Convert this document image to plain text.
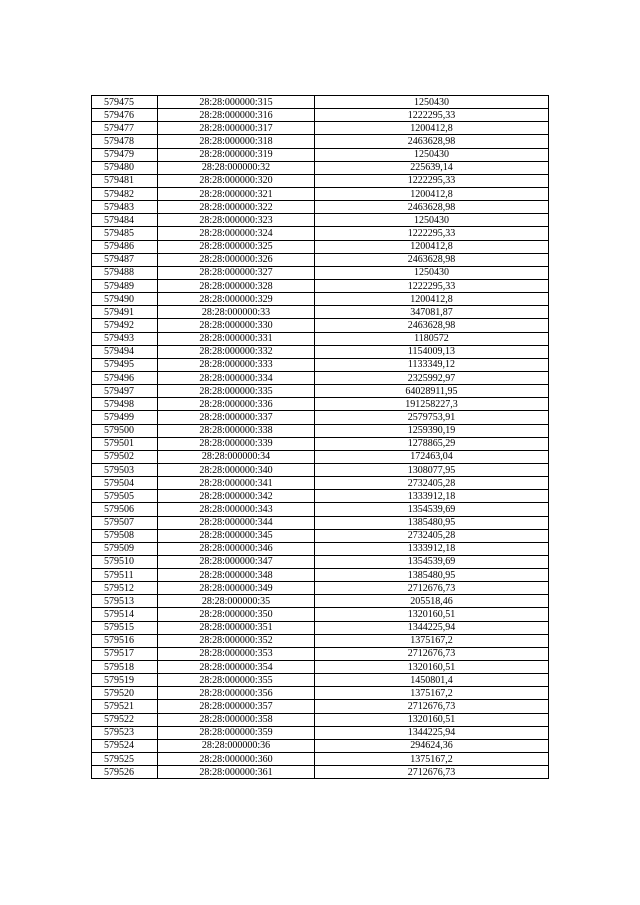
579475	28:28:000000:315	1250430
579476	28:28:000000:316	1222295,33
579477	28:28:000000:317	1200412,8
579478	28:28:000000:318	2463628,98
579479	28:28:000000:319	1250430
579480	28:28:000000:32	225639,14
579481	28:28:000000:320	1222295,33
579482	28:28:000000:321	1200412,8
579483	28:28:000000:322	2463628,98
579484	28:28:000000:323	1250430
579485	28:28:000000:324	1222295,33
579486	28:28:000000:325	1200412,8
579487	28:28:000000:326	2463628,98
579488	28:28:000000:327	1250430
579489	28:28:000000:328	1222295,33
579490	28:28:000000:329	1200412,8
579491	28:28:000000:33	347081,87
579492	28:28:000000:330	2463628,98
579493	28:28:000000:331	1180572
579494	28:28:000000:332	1154009,13
579495	28:28:000000:333	1133349,12
579496	28:28:000000:334	2325992,97
579497	28:28:000000:335	64028911,95
579498	28:28:000000:336	191258227,3
579499	28:28:000000:337	2579753,91
579500	28:28:000000:338	1259390,19
579501	28:28:000000:339	1278865,29
579502	28:28:000000:34	172463,04
579503	28:28:000000:340	1308077,95
579504	28:28:000000:341	2732405,28
579505	28:28:000000:342	1333912,18
579506	28:28:000000:343	1354539,69
579507	28:28:000000:344	1385480,95
579508	28:28:000000:345	2732405,28
579509	28:28:000000:346	1333912,18
579510	28:28:000000:347	1354539,69
579511	28:28:000000:348	1385480,95
579512	28:28:000000:349	2712676,73
579513	28:28:000000:35	205518,46
579514	28:28:000000:350	1320160,51
579515	28:28:000000:351	1344225,94
579516	28:28:000000:352	1375167,2
579517	28:28:000000:353	2712676,73
579518	28:28:000000:354	1320160,51
579519	28:28:000000:355	1450801,4
579520	28:28:000000:356	1375167,2
579521	28:28:000000:357	2712676,73
579522	28:28:000000:358	1320160,51
579523	28:28:000000:359	1344225,94
579524	28:28:000000:36	294624,36
579525	28:28:000000:360	1375167,2
579526	28:28:000000:361	2712676,73
